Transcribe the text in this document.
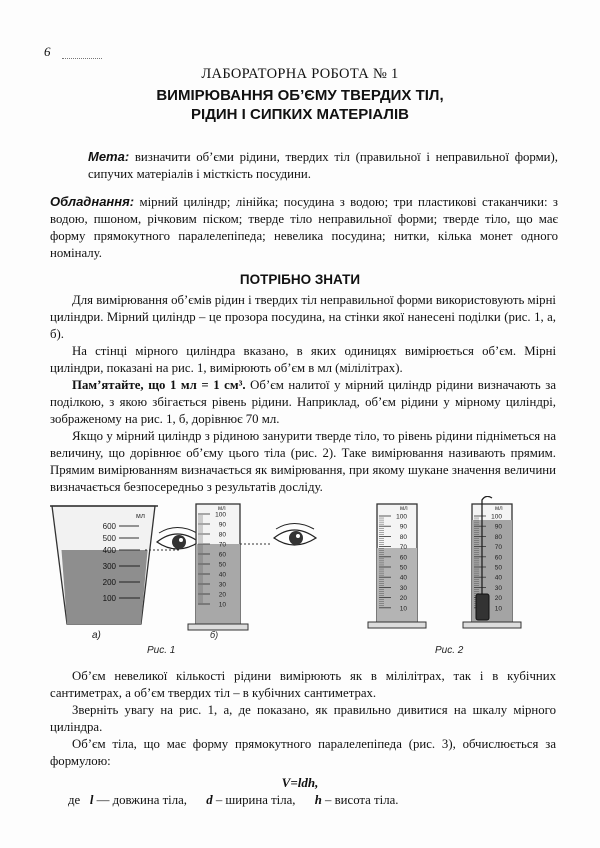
6
ЛАБОРАТОРНА РОБОТА № 1
ВИМІРЮВАННЯ ОБ’ЄМУ ТВЕРДИХ ТІЛ,
РІДИН І СИПКИХ МАТЕРІАЛІВ
Мета: визначити об’єми рідини, твердих тіл (правильної і неправильної форми), сипучих матеріалів і місткість посудини.
Обладнання: мірний циліндр; лінійка; посудина з водою; три пластикові стаканчики: з водою, пшоном, річковим піском; тверде тіло неправильної форми; тверде тіло, що має форму прямокутного паралелепіпеда; невелика посудина; нитки, кілька монет одного номіналу.
ПОТРІБНО ЗНАТИ

Для вимірювання об’ємів рідин і твердих тіл неправильної форми використовують мірні циліндри. Мірний циліндр – це прозора посудина, на стінки якої нанесені поділки (рис. 1, а, б).

На стінці мірного циліндра вказано, в яких одиницях вимірюється об’єм. Мірні циліндри, показані на рис. 1, вимірюють об’єм в мл (мілілітрах).

Пам’ятайте, що 1 мл = 1 см³. Об’єм налитої у мірний циліндр рідини визначають за поділкою, з якою збігається рівень рідини. Наприклад, об’єм рідини у мірному циліндрі, зображеному на рис. 1, б, дорівнює 70 мл.

Якщо у мірний циліндр з рідиною занурити тверде тіло, то рівень рідини підніметься на величину, що дорівнює об’єму цього тіла (рис. 2). Таке вимірювання називають прямим. Прямим вимірюванням визначається як вимірювання, при якому шукане значення величини визначається безпосередньо з результатів досліду.

мл
600
500
400
300
200
100
а)
мл
100
90
80
70
60
50
40
30
20
10
б)
Рис. 1
мл
100
90
80
70
60
50
40
30
20
10
мл
100
90
80
70
60
50
40
30
20
10
Рис. 2

Об’єм невеликої кількості рідини вимірюють як в мілілітрах, так і в кубічних сантиметрах, а об’єм твердих тіл – в кубічних сантиметрах.

Зверніть увагу на рис. 1, а, де показано, як правильно дивитися на шкалу мірного циліндра.

Об’єм тіла, що має форму прямокутного паралелепіпеда (рис. 3), обчислюється за формулою:

V=ldh,
де l — довжина тіла, d – ширина тіла, h – висота тіла.
